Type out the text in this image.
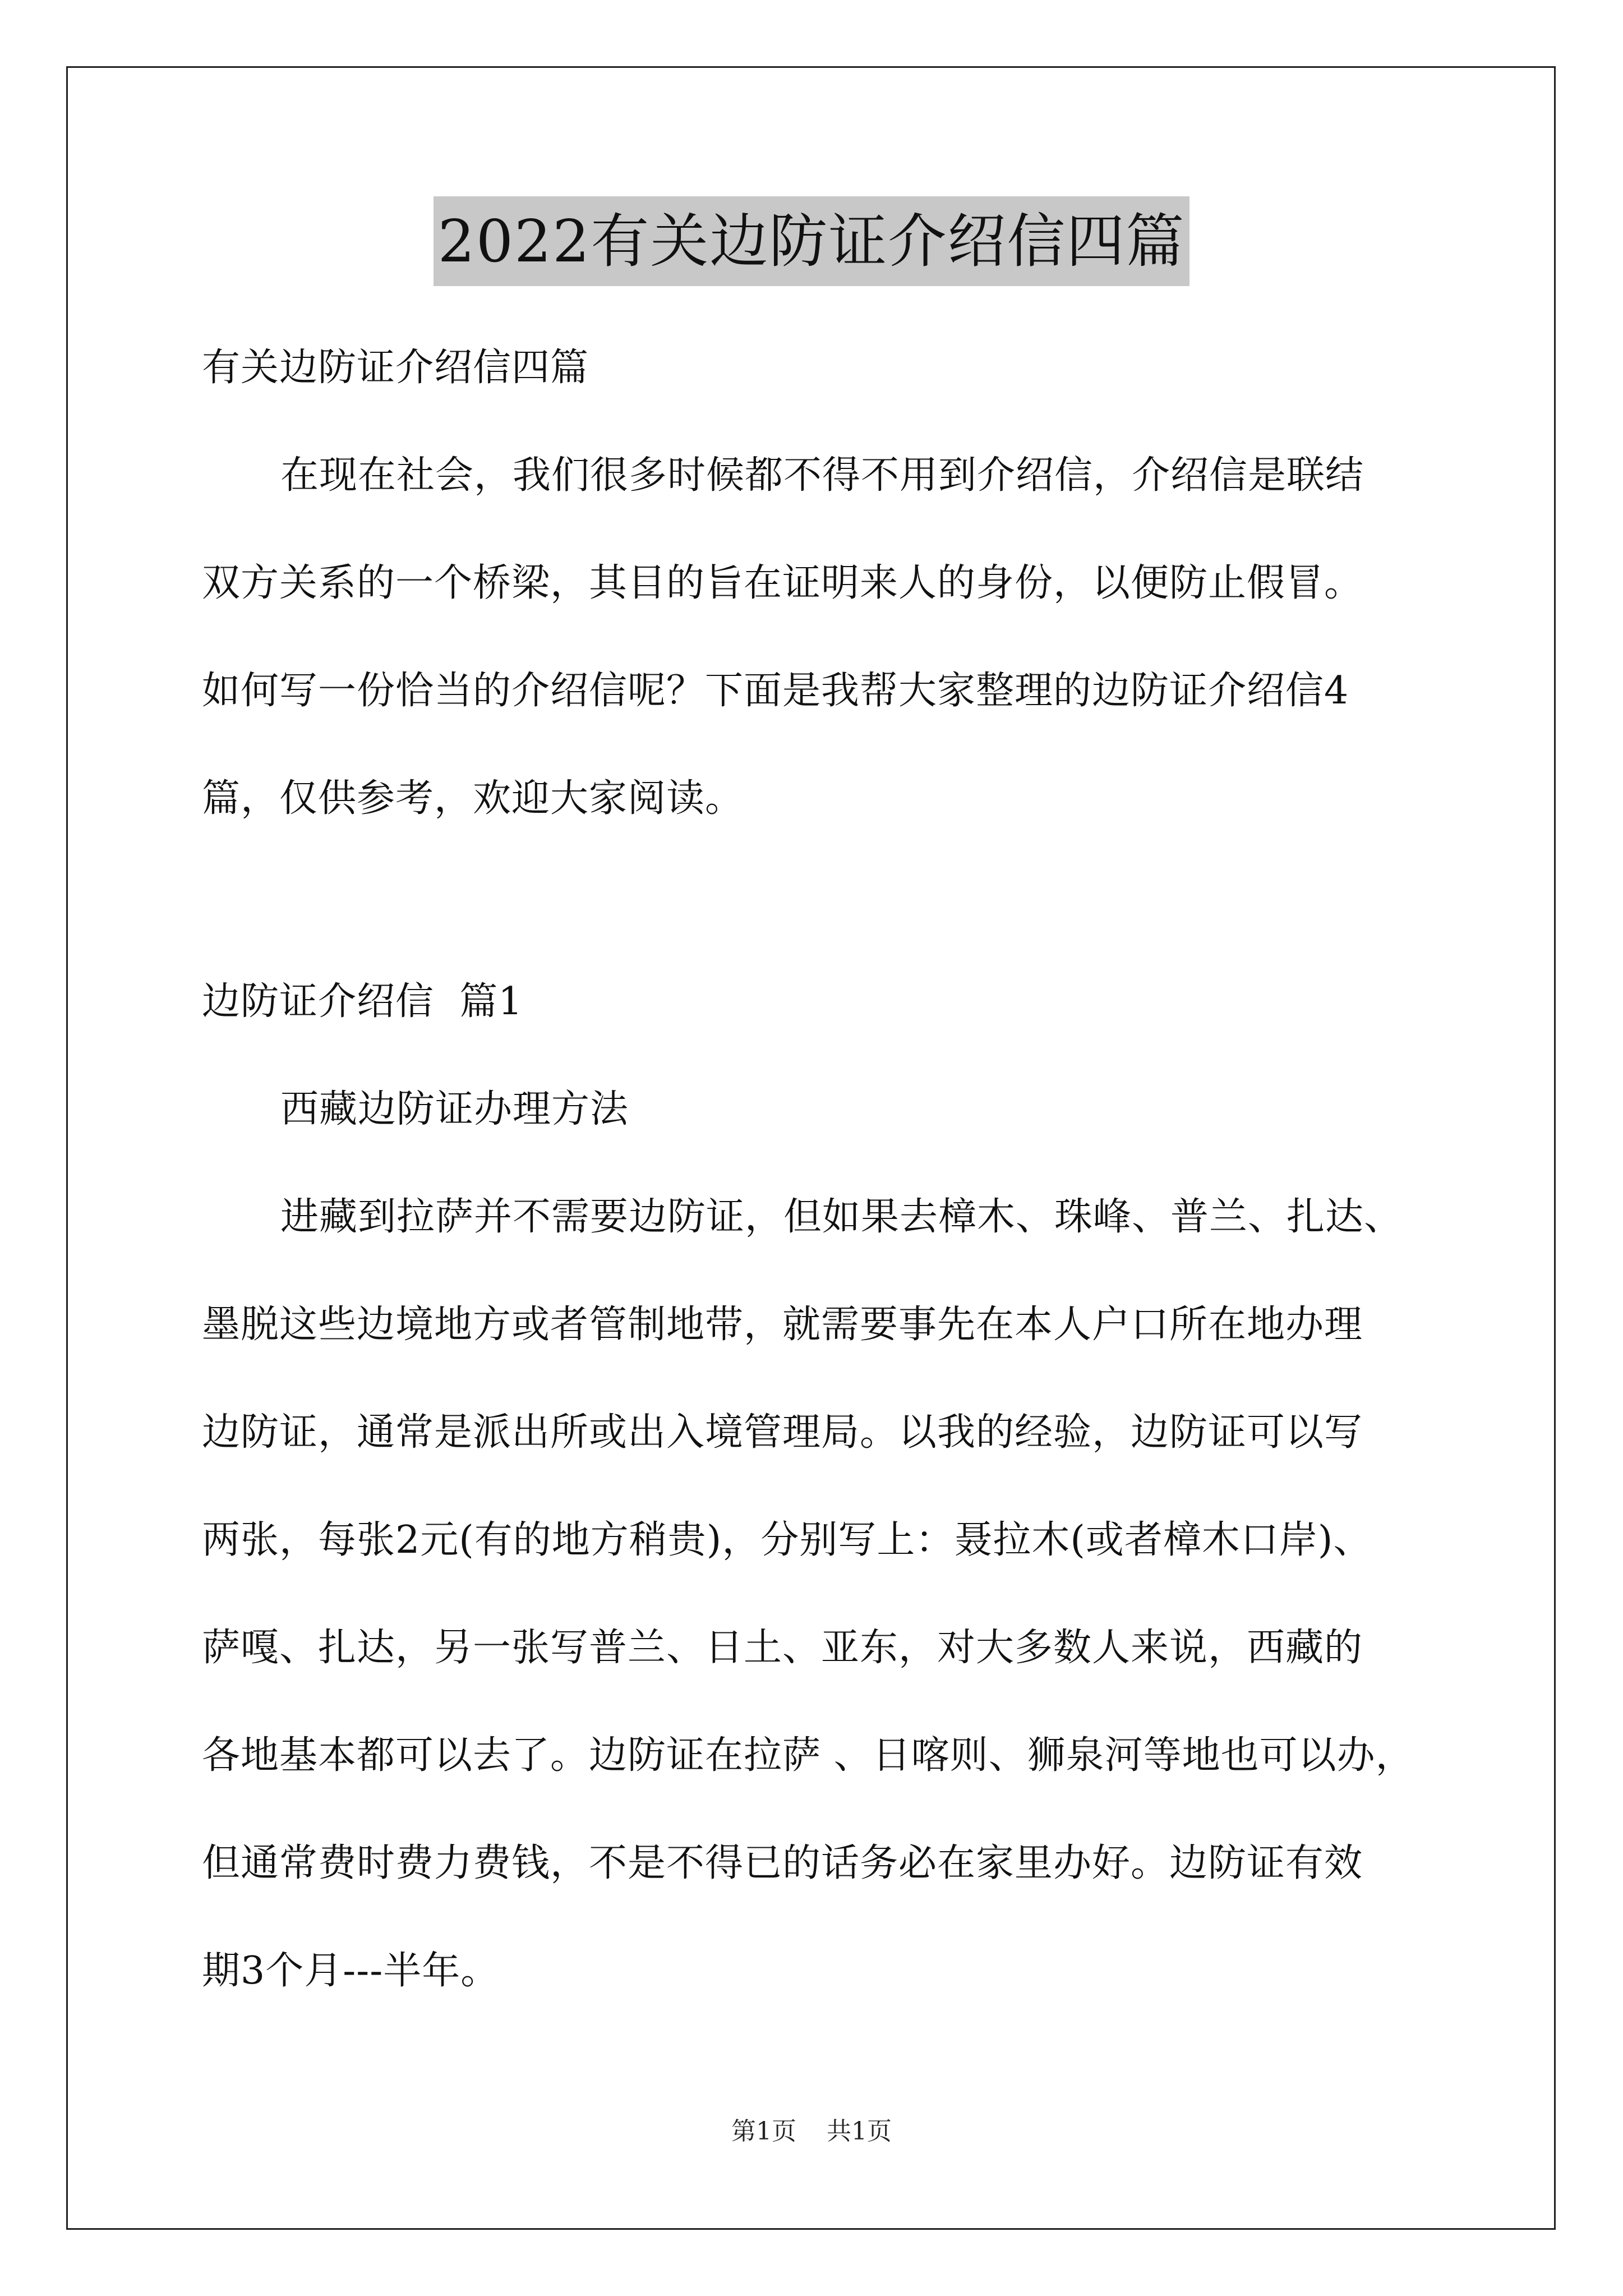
2022有关边防证介绍信四篇
有关边防证介绍信四篇
在现在社会，我们很多时候都不得不用到介绍信，介绍信是联结
双方关系的一个桥梁，其目的旨在证明来人的身份，以便防止假冒。
如何写一份恰当的介绍信呢？下面是我帮大家整理的边防证介绍信4
篇，仅供参考，欢迎大家阅读。
边防证介绍信  篇1
西藏边防证办理方法
进藏到拉萨并不需要边防证，但如果去樟木、珠峰、普兰、扎达、
墨脱这些边境地方或者管制地带，就需要事先在本人户口所在地办理
边防证，通常是派出所或出入境管理局。以我的经验，边防证可以写
两张，每张2元(有的地方稍贵)，分别写上：聂拉木(或者樟木口岸)、
萨嘎、扎达，另一张写普兰、日土、亚东，对大多数人来说，西藏的
各地基本都可以去了。边防证在拉萨 、日喀则、狮泉河等地也可以办，
但通常费时费力费钱，不是不得已的话务必在家里办好。边防证有效
期3个月---半年。
第1页 共1页
